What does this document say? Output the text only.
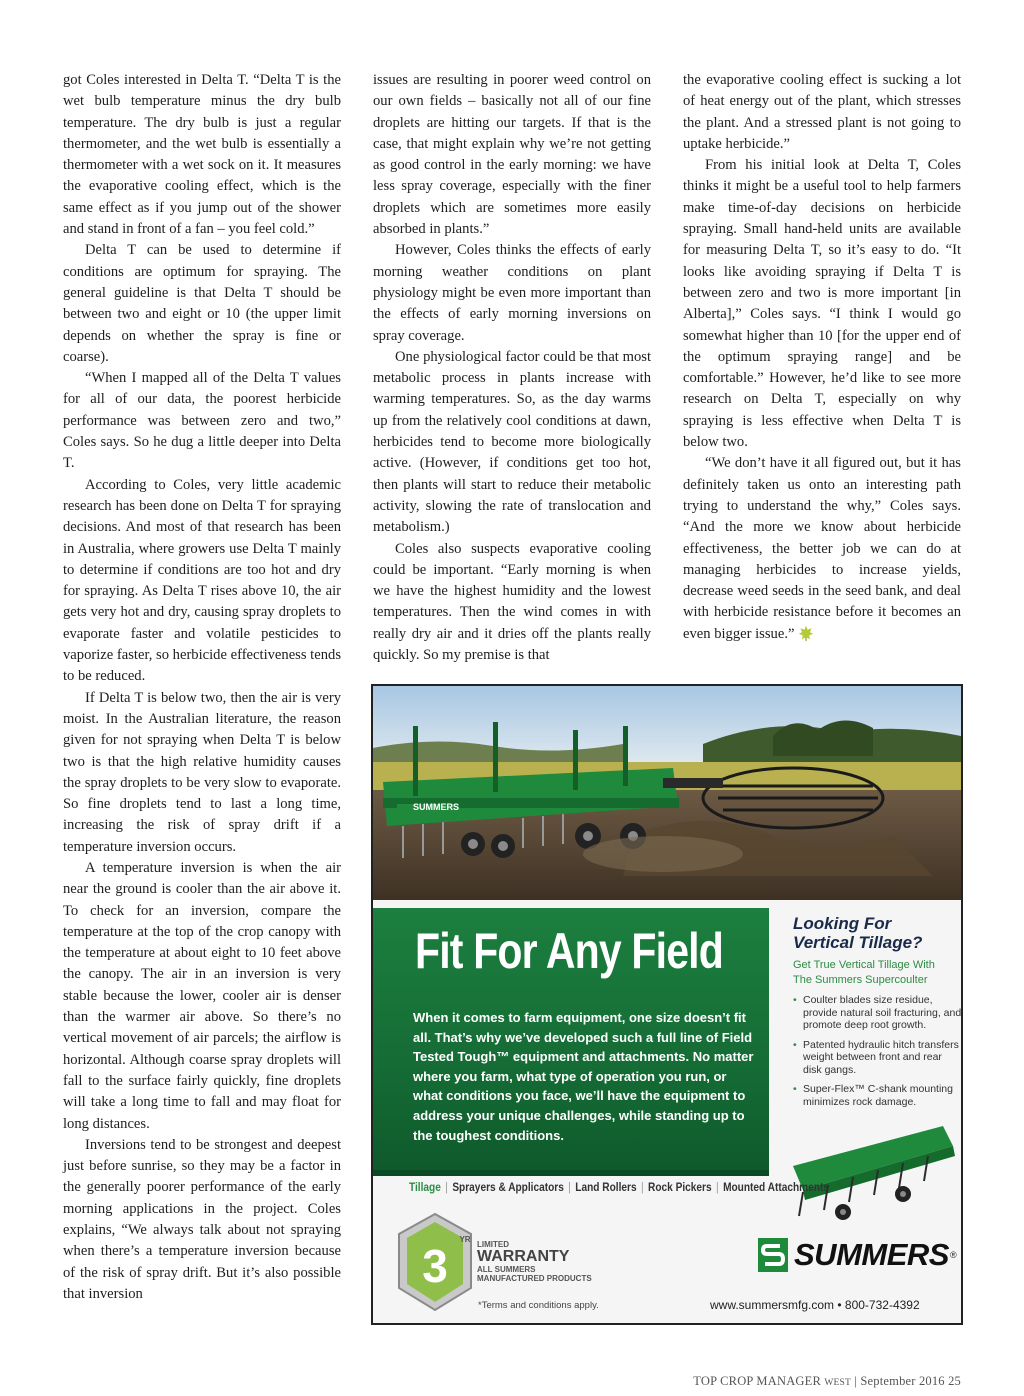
got Coles interested in Delta T. “Delta T is the wet bulb temperature minus the dry bulb temperature. The dry bulb is just a regular thermometer, and the wet bulb is essentially a thermometer with a wet sock on it. It measures the evaporative cooling effect, which is the same effect as if you jump out of the shower and stand in front of a fan – you feel cold.”

Delta T can be used to determine if conditions are optimum for spraying. The general guideline is that Delta T should be between two and eight or 10 (the upper limit depends on whether the spray is fine or coarse).

“When I mapped all of the Delta T values for all of our data, the poorest herbicide performance was between zero and two,” Coles says. So he dug a little deeper into Delta T.

According to Coles, very little academic research has been done on Delta T for spraying decisions. And most of that research has been in Australia, where growers use Delta T mainly to determine if conditions are too hot and dry for spraying. As Delta T rises above 10, the air gets very hot and dry, causing spray droplets to evaporate faster and volatile pesticides to vaporize faster, so herbicide effectiveness tends to be reduced.

If Delta T is below two, then the air is very moist. In the Australian literature, the reason given for not spraying when Delta T is below two is that the high relative humidity causes the spray droplets to be very slow to evaporate. So fine droplets tend to last a long time, increasing the risk of spray drift if a temperature inversion occurs.

A temperature inversion is when the air near the ground is cooler than the air above it. To check for an inversion, compare the temperature at the top of the crop canopy with the temperature at about eight to 10 feet above the canopy. The air in an inversion is very stable because the lower, cooler air is denser than the warmer air above. So there’s no vertical movement of air parcels; the airflow is horizontal. Although coarse spray droplets will fall to the surface fairly quickly, fine droplets will take a long time to fall and may float for long distances.

Inversions tend to be strongest and deepest just before sunrise, so they may be a factor in the generally poorer performance of the early morning applications in the project. Coles explains, “We always talk about not spraying when there’s a temperature inversion because of the risk of spray drift. But it’s also possible that inversion

issues are resulting in poorer weed control on our own fields – basically not all of our fine droplets are hitting our targets. If that is the case, that might explain why we’re not getting as good control in the early morning: we have less spray coverage, especially with the finer droplets which are sometimes more easily absorbed in plants.”

However, Coles thinks the effects of early morning weather conditions on plant physiology might be even more important than the effects of early morning inversions on spray coverage.

One physiological factor could be that most metabolic process in plants increase with warming temperatures. So, as the day warms up from the relatively cool conditions at dawn, herbicides tend to become more biologically active. (However, if conditions get too hot, then plants will start to reduce their metabolic activity, slowing the rate of translocation and metabolism.)

Coles also suspects evaporative cooling could be important. “Early morning is when we have the highest humidity and the lowest temperatures. Then the wind comes in with really dry air and it dries off the plants really quickly. So my premise is that

the evaporative cooling effect is sucking a lot of heat energy out of the plant, which stresses the plant. And a stressed plant is not going to uptake herbicide.”

From his initial look at Delta T, Coles thinks it might be a useful tool to help farmers make time-of-day decisions on herbicide spraying. Small hand-held units are available for measuring Delta T, so it’s easy to do. “It looks like avoiding spraying if Delta T is between zero and two is more important [in Alberta],” Coles says. “I think I would go somewhat higher than 10 [for the upper end of the optimum spraying range] and be comfortable.” However, he’d like to see more research on Delta T, especially on why spraying is less effective when Delta T is below two.

“We don’t have it all figured out, but it has definitely taken us onto an interesting path trying to understand the why,” Coles says. “And the more we know about herbicide effectiveness, the better job we can do at managing herbicides to increase yields, decrease weed seeds in the seed bank, and deal with herbicide resistance before it becomes an even bigger issue.”

SUMMERS
Fit For Any Field
When it comes to farm equipment, one size doesn’t fit all. That’s why we’ve developed such a full line of Field Tested Tough™ equipment and attachments. No matter where you farm, what type of operation you run, or what conditions you face, we’ll have the equipment to address your unique challenges, while standing up to the toughest conditions.
Looking For
Vertical Tillage?
Get True Vertical Tillage With
The Summers Supercoulter
• Coulter blades size residue, provide natural soil fracturing, and promote deep root growth.
• Patented hydraulic hitch transfers weight between front and rear disk gangs.
• Super-Flex™ C-shank mounting minimizes rock damage.
Tillage | Sprayers & Applicators | Land Rollers | Rock Pickers | Mounted Attachments
3
YR
LIMITED
WARRANTY
ALL SUMMERS
MANUFACTURED PRODUCTS
*Terms and conditions apply.
SUMMERS ®
www.summersmfg.com • 800-732-4392
TOP CROP MANAGER WEST | September 2016 25
